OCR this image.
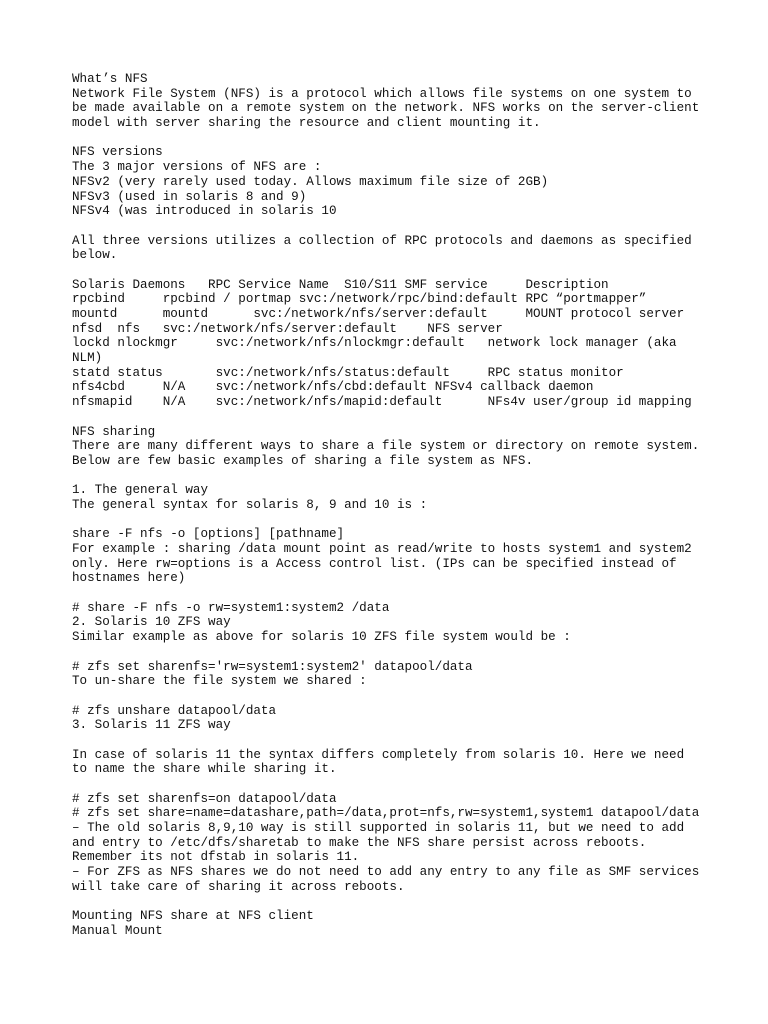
What’s NFS
Network File System (NFS) is a protocol which allows file systems on one system to
be made available on a remote system on the network. NFS works on the server-client
model with server sharing the resource and client mounting it.
NFS versions
The 3 major versions of NFS are :
NFSv2 (very rarely used today. Allows maximum file size of 2GB)
NFSv3 (used in solaris 8 and 9)
NFSv4 (was introduced in solaris 10
All three versions utilizes a collection of RPC protocols and daemons as specified
below.
Solaris Daemons   RPC Service Name  S10/S11 SMF service     Description
rpcbind     rpcbind / portmap svc:/network/rpc/bind:default RPC “portmapper”
mountd      mountd      svc:/network/nfs/server:default     MOUNT protocol server
nfsd  nfs   svc:/network/nfs/server:default    NFS server
lockd nlockmgr     svc:/network/nfs/nlockmgr:default   network lock manager (aka
NLM)
statd status       svc:/network/nfs/status:default     RPC status monitor
nfs4cbd     N/A    svc:/network/nfs/cbd:default NFSv4 callback daemon
nfsmapid    N/A    svc:/network/nfs/mapid:default      NFs4v user/group id mapping
NFS sharing
There are many different ways to share a file system or directory on remote system.
Below are few basic examples of sharing a file system as NFS.
1. The general way
The general syntax for solaris 8, 9 and 10 is :
share -F nfs -o [options] [pathname]
For example : sharing /data mount point as read/write to hosts system1 and system2
only. Here rw=options is a Access control list. (IPs can be specified instead of
hostnames here)
# share -F nfs -o rw=system1:system2 /data
2. Solaris 10 ZFS way
Similar example as above for solaris 10 ZFS file system would be :
# zfs set sharenfs='rw=system1:system2' datapool/data
To un-share the file system we shared :
# zfs unshare datapool/data
3. Solaris 11 ZFS way
In case of solaris 11 the syntax differs completely from solaris 10. Here we need
to name the share while sharing it.
# zfs set sharenfs=on datapool/data
# zfs set share=name=datashare,path=/data,prot=nfs,rw=system1,system1 datapool/data
– The old solaris 8,9,10 way is still supported in solaris 11, but we need to add
and entry to /etc/dfs/sharetab to make the NFS share persist across reboots.
Remember its not dfstab in solaris 11.
– For ZFS as NFS shares we do not need to add any entry to any file as SMF services
will take care of sharing it across reboots.
Mounting NFS share at NFS client
Manual Mount
